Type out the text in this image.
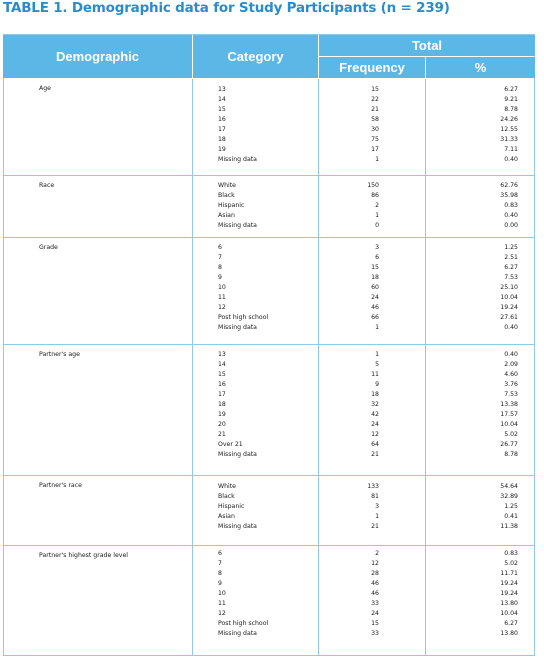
TABLE 1. Demographic data for Study Participants (n = 239)
Demographic	Category
Total
Frequency	%
Age	13	15	6.27
14	22	9.21
15	21	8.78
16	58	24.26
17	30	12.55
18	75	31.33
19	17	7.11
Missing data	1	0.40
Race	White	150	62.76
Black	86	35.98
Hispanic	2	0.83
Asian	1	0.40
Missing data	0	0.00
Grade	6	3	1.25
7	6	2.51
8	15	6.27
9	18	7.53
10	60	25.10
11	24	10.04
12	46	19.24
Post high school	66	27.61
Missing data	1	0.40
Partner's age	13	1	0.40
14	5	2.09
15	11	4.60
16	9	3.76
17	18	7.53
18	32	13.38
19	42	17.57
20	24	10.04
21	12	5.02
Over 21	64	26.77
Missing data	21	8.78
Partner's race	White	133	54.64
Black	81	32.89
Hispanic	3	1.25
Asian	1	0.41
Missing data	21	11.38
Partner's highest grade level	6	2	0.83
7	12	5.02
8	28	11.71
9	46	19.24
10	46	19.24
11	33	13.80
12	24	10.04
Post high school	15	6.27
Missing data	33	13.80
